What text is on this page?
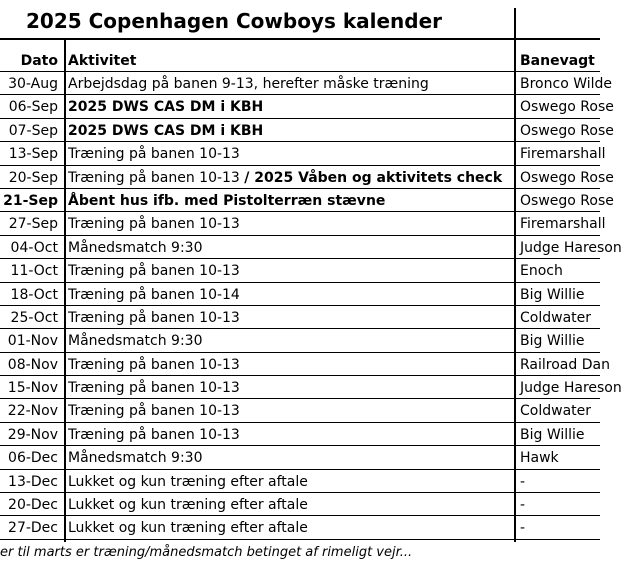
2025 Copenhagen Cowboys kalender
Dato Aktivitet	Banevagt
30-Aug Arbejdsdag på banen 9-13, herefter måske træning	Bronco Wilde
06-Sep 2025 DWS CAS DM i KBH	Oswego Rose
07-Sep 2025 DWS CAS DM i KBH	Oswego Rose
13-Sep Træning på banen 10-13	Firemarshall
20-Sep Træning på banen 10-13 / 2025 Våben og aktivitets check	Oswego Rose
21-Sep Åbent hus ifb. med Pistolterræn stævne	Oswego Rose
27-Sep Træning på banen 10-13	Firemarshall
04-Oct Månedsmatch 9:30	Judge Hareson
11-Oct Træning på banen 10-13	Enoch
18-Oct Træning på banen 10-14	Big Willie
25-Oct Træning på banen 10-13	Coldwater
01-Nov Månedsmatch 9:30	Big Willie
08-Nov Træning på banen 10-13	Railroad Dan
15-Nov Træning på banen 10-13	Judge Hareson
22-Nov Træning på banen 10-13	Coldwater
29-Nov Træning på banen 10-13	Big Willie
06-Dec Månedsmatch 9:30	Hawk
13-Dec Lukket og kun træning efter aftale	-
20-Dec Lukket og kun træning efter aftale	-
27-Dec Lukket og kun træning efter aftale	-
er til marts er træning/månedsmatch betinget af rimeligt vejr...
